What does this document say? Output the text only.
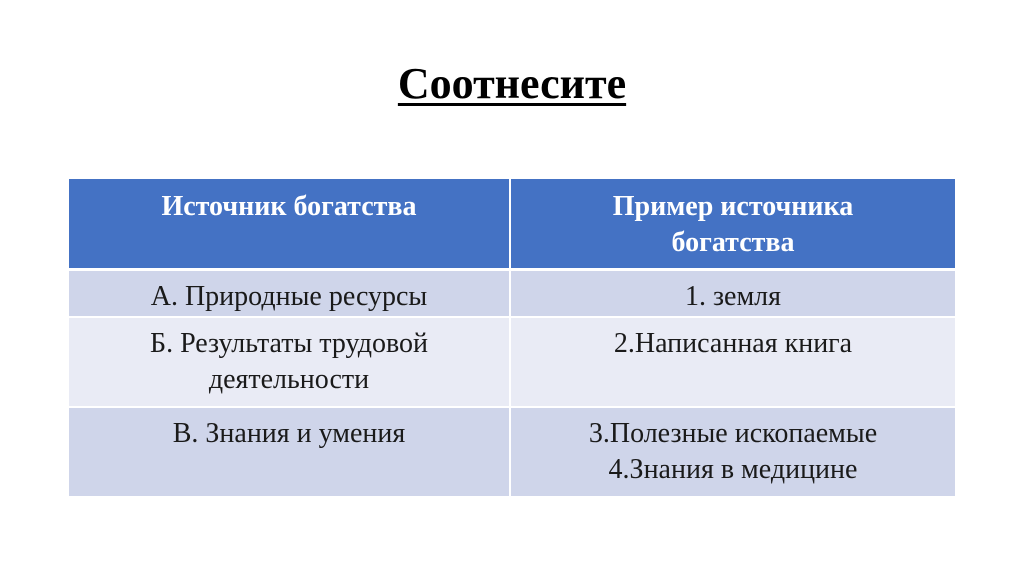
Соотнесите
Источник богатства	Пример источника
богатства

А. Природные ресурсы	1. земля

Б. Результаты трудовой
деятельности	2.Написанная книга

В. Знания и умения	3.Полезные ископаемые
4.Знания в медицине
